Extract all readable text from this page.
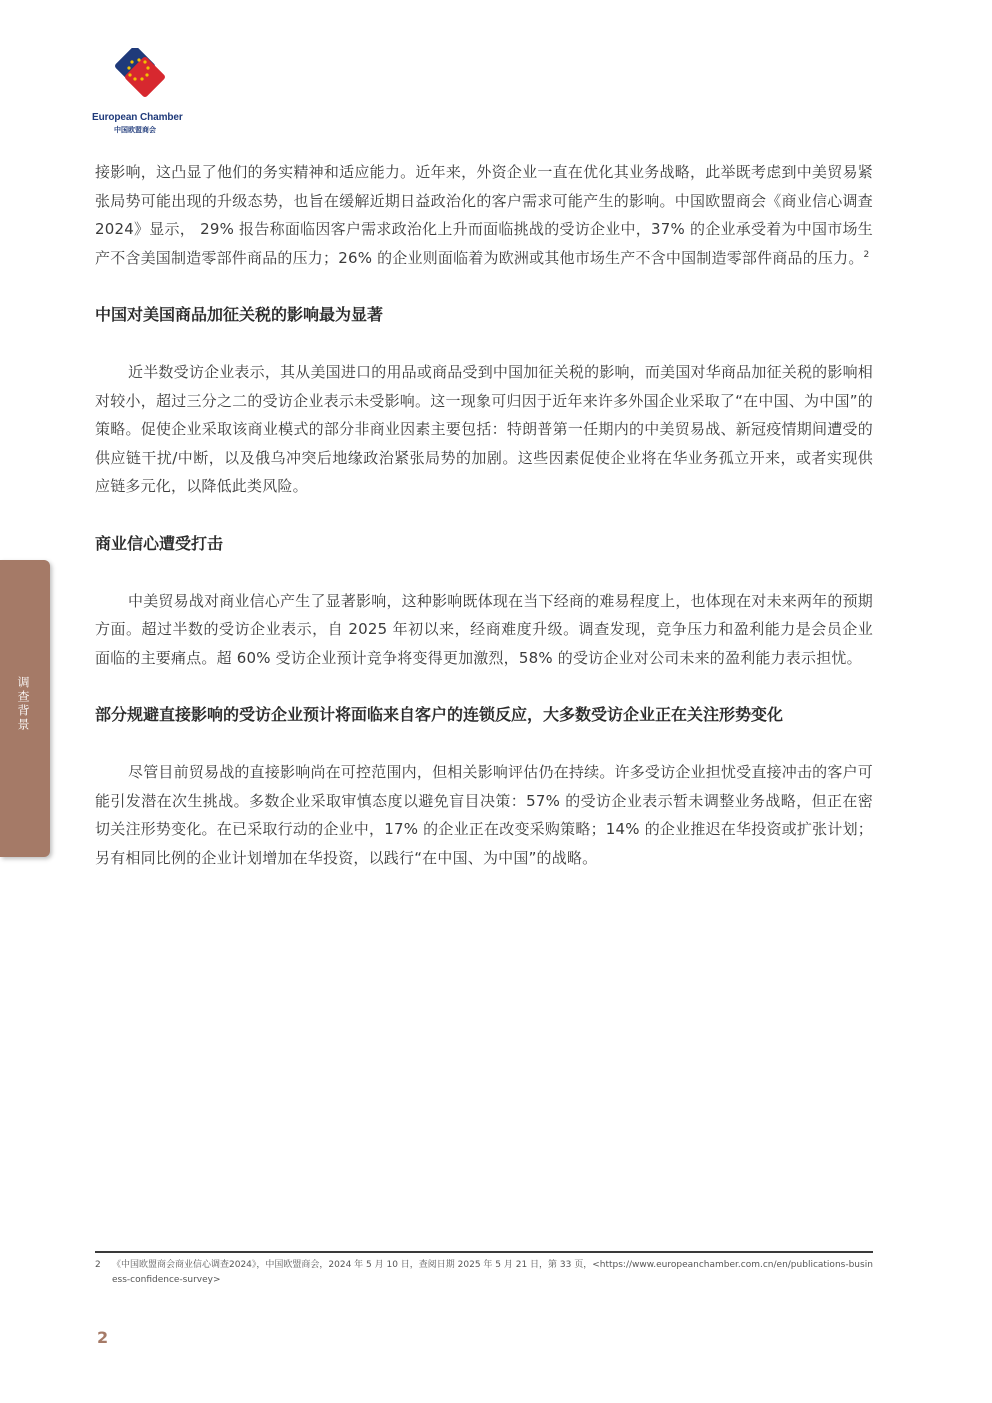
European Chamber
中国欧盟商会

接影响，这凸显了他们的务实精神和适应能力。近年来，外资企业一直在优化其业务战略，此举既考虑到中美贸易紧张局势可能出现的升级态势，也旨在缓解近期日益政治化的客户需求可能产生的影响。中国欧盟商会《商业信心调查 2024》显示， 29% 报告称面临因客户需求政治化上升而面临挑战的受访企业中，37% 的企业承受着为中国市场生产不含美国制造零部件商品的压力；26% 的企业则面临着为欧洲或其他市场生产不含中国制造零部件商品的压力。$^2$

中国对美国商品加征关税的影响最为显著

近半数受访企业表示，其从美国进口的用品或商品受到中国加征关税的影响，而美国对华商品加征关税的影响相对较小，超过三分之二的受访企业表示未受影响。这一现象可归因于近年来许多外国企业采取了“在中国、为中国”的策略。促使企业采取该商业模式的部分非商业因素主要包括：特朗普第一任期内的中美贸易战、新冠疫情期间遭受的供应链干扰/中断，以及俄乌冲突后地缘政治紧张局势的加剧。这些因素促使企业将在华业务孤立开来，或者实现供应链多元化，以降低此类风险。

商业信心遭受打击

中美贸易战对商业信心产生了显著影响，这种影响既体现在当下经商的难易程度上，也体现在对未来两年的预期方面。超过半数的受访企业表示，自 2025 年初以来，经商难度升级。调查发现，竞争压力和盈利能力是会员企业面临的主要痛点。超 60% 受访企业预计竞争将变得更加激烈，58% 的受访企业对公司未来的盈利能力表示担忧。

部分规避直接影响的受访企业预计将面临来自客户的连锁反应，大多数受访企业正在关注形势变化

尽管目前贸易战的直接影响尚在可控范围内，但相关影响评估仍在持续。许多受访企业担忧受直接冲击的客户可能引发潜在次生挑战。多数企业采取审慎态度以避免盲目决策：57% 的受访企业表示暂未调整业务战略，但正在密切关注形势变化。在已采取行动的企业中，17% 的企业正在改变采购策略；14% 的企业推迟在华投资或扩张计划；另有相同比例的企业计划增加在华投资，以践行“在中国、为中国”的战略。

调查背景
2 《中国欧盟商会商业信心调查2024》，中国欧盟商会，2024 年 5 月 10 日，查阅日期 2025 年 5 月 21 日，第 33 页，<https://www.europeanchamber.com.cn/en/publications-business-confidence-survey>
2
